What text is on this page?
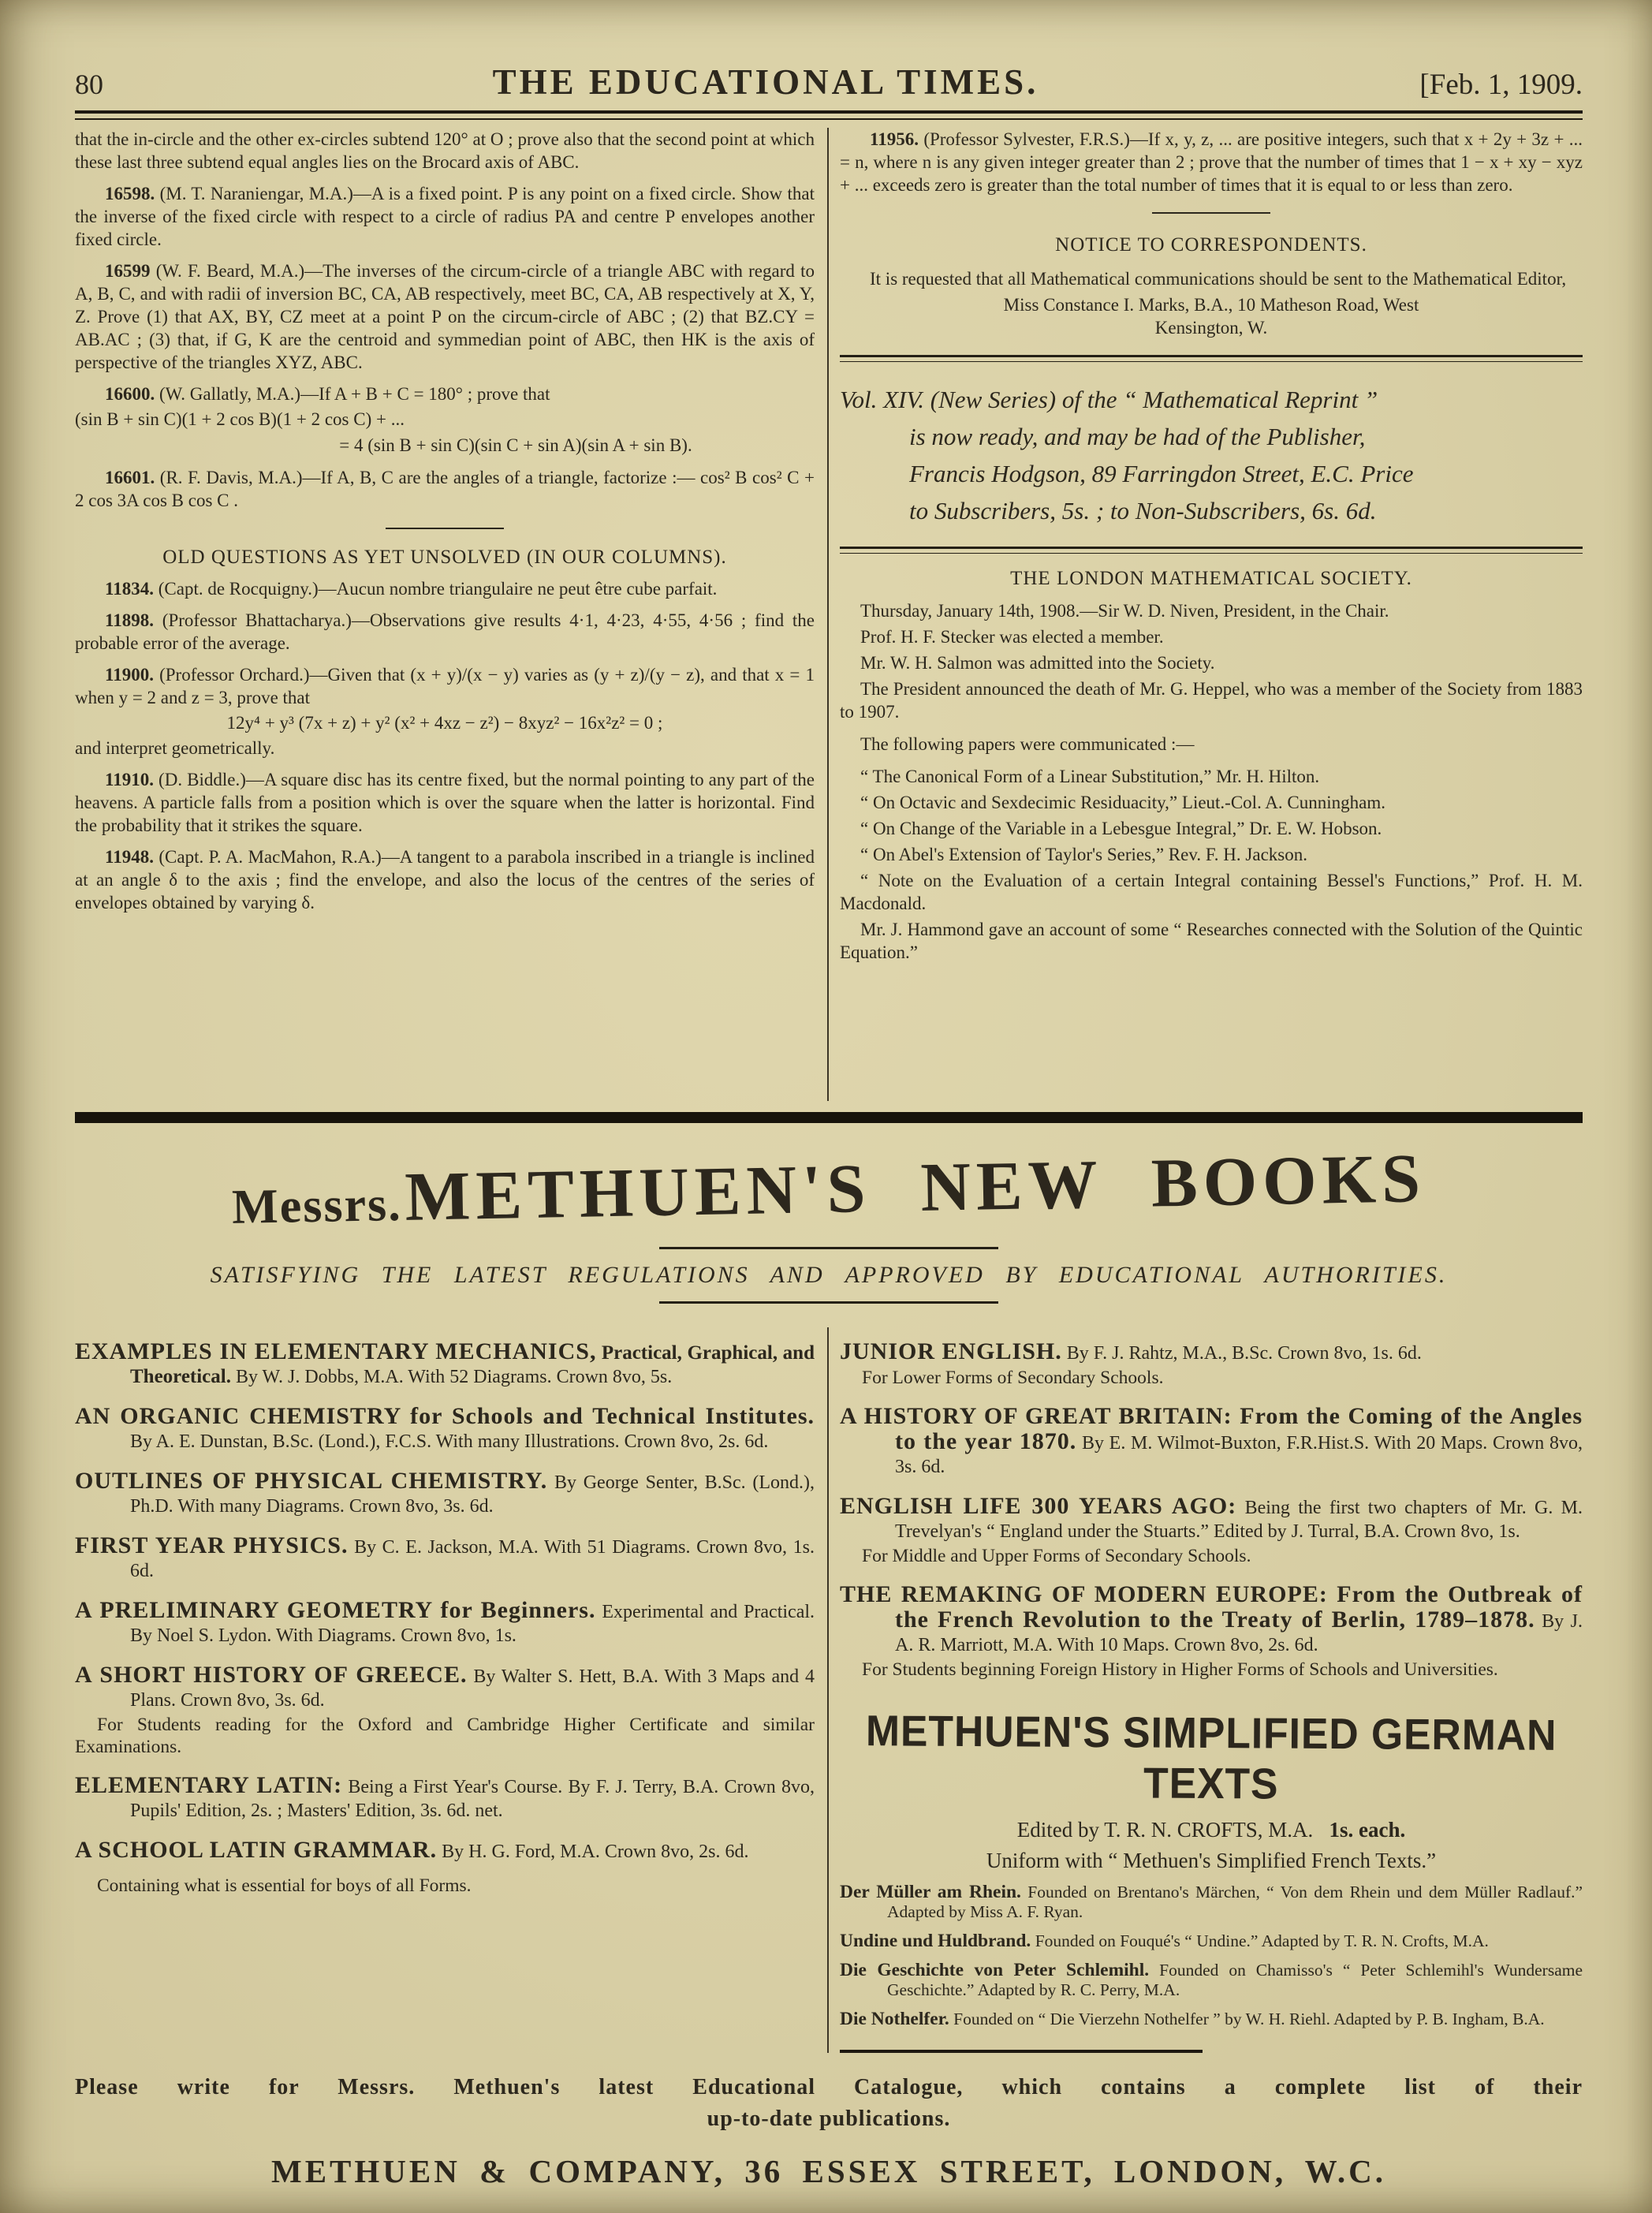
80	THE EDUCATIONAL TIMES.	[Feb. 1, 1909.

that the in-circle and the other ex-circles subtend 120° at O ; prove also that the second point at which these last three subtend equal angles lies on the Brocard axis of ABC.

16598. (M. T. Naraniengar, M.A.)—A is a fixed point. P is any point on a fixed circle. Show that the inverse of the fixed circle with respect to a circle of radius PA and centre P envelopes another fixed circle.

16599 (W. F. Beard, M.A.)—The inverses of the circum-circle of a triangle ABC with regard to A, B, C, and with radii of inversion BC, CA, AB respectively, meet BC, CA, AB respectively at X, Y, Z. Prove (1) that AX, BY, CZ meet at a point P on the circum-circle of ABC ; (2) that BZ.CY = AB.AC ; (3) that, if G, K are the centroid and symmedian point of ABC, then HK is the axis of perspective of the triangles XYZ, ABC.

16600. (W. Gallatly, M.A.)—If A + B + C = 180° ; prove that

(sin B + sin C)(1 + 2 cos B)(1 + 2 cos C) + ...
= 4 (sin B + sin C)(sin C + sin A)(sin A + sin B).

16601. (R. F. Davis, M.A.)—If A, B, C are the angles of a triangle, factorize :— cos² B cos² C + 2 cos 3A cos B cos C .

OLD QUESTIONS AS YET UNSOLVED (IN OUR COLUMNS).

11834. (Capt. de Rocquigny.)—Aucun nombre triangulaire ne peut être cube parfait.

11898. (Professor Bhattacharya.)—Observations give results 4·1, 4·23, 4·55, 4·56 ; find the probable error of the average.

11900. (Professor Orchard.)—Given that (x + y)/(x − y) varies as (y + z)/(y − z), and that x = 1 when y = 2 and z = 3, prove that

12y⁴ + y³ (7x + z) + y² (x² + 4xz − z²) − 8xyz² − 16x²z² = 0 ;

and interpret geometrically.

11910. (D. Biddle.)—A square disc has its centre fixed, but the normal pointing to any part of the heavens. A particle falls from a position which is over the square when the latter is horizontal. Find the probability that it strikes the square.

11948. (Capt. P. A. MacMahon, R.A.)—A tangent to a parabola inscribed in a triangle is inclined at an angle δ to the axis ; find the envelope, and also the locus of the centres of the series of envelopes obtained by varying δ.

11956. (Professor Sylvester, F.R.S.)—If x, y, z, ... are positive integers, such that x + 2y + 3z + ... = n, where n is any given integer greater than 2 ; prove that the number of times that 1 − x + xy − xyz + ... exceeds zero is greater than the total number of times that it is equal to or less than zero.

NOTICE TO CORRESPONDENTS.

It is requested that all Mathematical communications should be sent to the Mathematical Editor,

Miss Constance I. Marks, B.A., 10 Matheson Road, West

Kensington, W.

Vol. XIV. (New Series) of the “ Mathematical Reprint ”

is now ready, and may be had of the Publisher,

Francis Hodgson, 89 Farringdon Street, E.C. Price

to Subscribers, 5s. ; to Non-Subscribers, 6s. 6d.

THE LONDON MATHEMATICAL SOCIETY.

Thursday, January 14th, 1908.—Sir W. D. Niven, President, in the Chair.

Prof. H. F. Stecker was elected a member.

Mr. W. H. Salmon was admitted into the Society.

The President announced the death of Mr. G. Heppel, who was a member of the Society from 1883 to 1907.

The following papers were communicated :—

“ The Canonical Form of a Linear Substitution,” Mr. H. Hilton.

“ On Octavic and Sexdecimic Residuacity,” Lieut.-Col. A. Cunningham.

“ On Change of the Variable in a Lebesgue Integral,” Dr. E. W. Hobson.

“ On Abel's Extension of Taylor's Series,” Rev. F. H. Jackson.

“ Note on the Evaluation of a certain Integral containing Bessel's Functions,” Prof. H. M. Macdonald.

Mr. J. Hammond gave an account of some “ Researches connected with the Solution of the Quintic Equation.”

Messrs. METHUEN'S NEW BOOKS
SATISFYING THE LATEST REGULATIONS AND APPROVED BY EDUCATIONAL AUTHORITIES.

EXAMPLES IN ELEMENTARY MECHANICS, Practical, Graphical, and Theoretical. By W. J. Dobbs, M.A. With 52 Diagrams. Crown 8vo, 5s.

AN ORGANIC CHEMISTRY for Schools and Technical Institutes. By A. E. Dunstan, B.Sc. (Lond.), F.C.S. With many Illustrations. Crown 8vo, 2s. 6d.

OUTLINES OF PHYSICAL CHEMISTRY. By George Senter, B.Sc. (Lond.), Ph.D. With many Diagrams. Crown 8vo, 3s. 6d.

FIRST YEAR PHYSICS. By C. E. Jackson, M.A. With 51 Diagrams. Crown 8vo, 1s. 6d.

A PRELIMINARY GEOMETRY for Beginners. Experimental and Practical. By Noel S. Lydon. With Diagrams. Crown 8vo, 1s.

A SHORT HISTORY OF GREECE. By Walter S. Hett, B.A. With 3 Maps and 4 Plans. Crown 8vo, 3s. 6d.

For Students reading for the Oxford and Cambridge Higher Certificate and similar Examinations.

ELEMENTARY LATIN: Being a First Year's Course. By F. J. Terry, B.A. Crown 8vo, Pupils' Edition, 2s. ; Masters' Edition, 3s. 6d. net.

A SCHOOL LATIN GRAMMAR. By H. G. Ford, M.A. Crown 8vo, 2s. 6d.

Containing what is essential for boys of all Forms.

JUNIOR ENGLISH. By F. J. Rahtz, M.A., B.Sc. Crown 8vo, 1s. 6d.

For Lower Forms of Secondary Schools.

A HISTORY OF GREAT BRITAIN: From the Coming of the Angles to the year 1870. By E. M. Wilmot-Buxton, F.R.Hist.S. With 20 Maps. Crown 8vo, 3s. 6d.

ENGLISH LIFE 300 YEARS AGO: Being the first two chapters of Mr. G. M. Trevelyan's “ England under the Stuarts.” Edited by J. Turral, B.A. Crown 8vo, 1s.

For Middle and Upper Forms of Secondary Schools.

THE REMAKING OF MODERN EUROPE: From the Outbreak of the French Revolution to the Treaty of Berlin, 1789–1878. By J. A. R. Marriott, M.A. With 10 Maps. Crown 8vo, 2s. 6d.

For Students beginning Foreign History in Higher Forms of Schools and Universities.

METHUEN'S SIMPLIFIED GERMAN TEXTS
Edited by T. R. N. CROFTS, M.A. 1s. each.
Uniform with “ Methuen's Simplified French Texts.”

Der Müller am Rhein. Founded on Brentano's Märchen, “ Von dem Rhein und dem Müller Radlauf.” Adapted by Miss A. F. Ryan.

Undine und Huldbrand. Founded on Fouqué's “ Undine.” Adapted by T. R. N. Crofts, M.A.

Die Geschichte von Peter Schlemihl. Founded on Chamisso's “ Peter Schlemihl's Wundersame Geschichte.” Adapted by R. C. Perry, M.A.

Die Nothelfer. Founded on “ Die Vierzehn Nothelfer ” by W. H. Riehl. Adapted by P. B. Ingham, B.A.

Please write for Messrs. Methuen's latest Educational Catalogue, which contains a complete list of their
up-to-date publications.
METHUEN & COMPANY, 36 ESSEX STREET, LONDON, W.C.
